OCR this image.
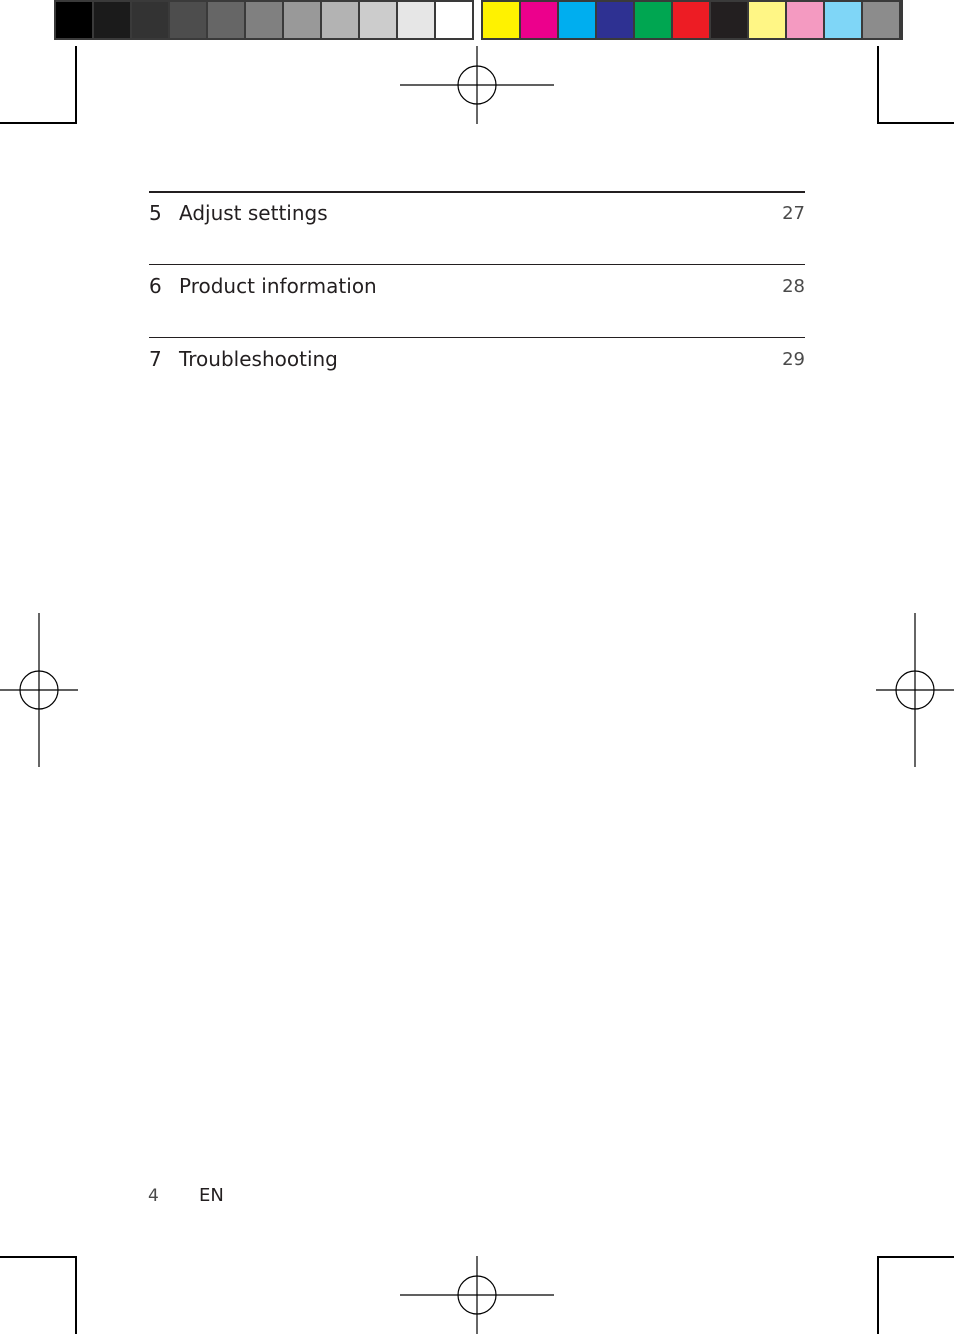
5 Adjust settings	27
6 Product information	28
7 Troubleshooting	29
4 EN
